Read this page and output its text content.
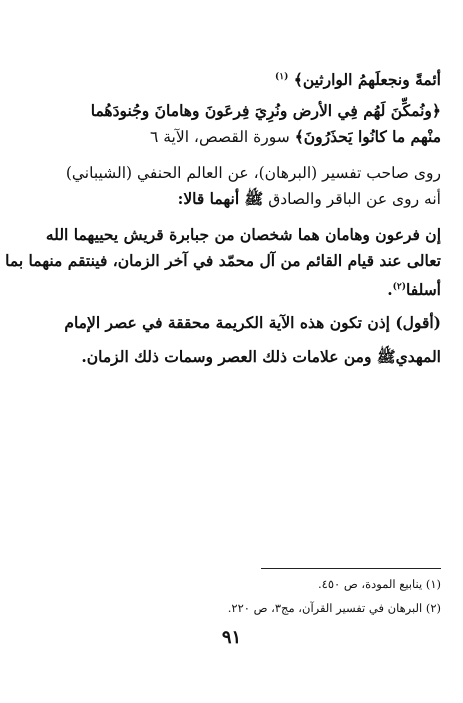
أئمةً ونجعلَهمُ الوارثين﴾ $^{(١)}$
﴿ونُمكِّنَ لَهُم فِي الأرض ونُرِيَ فِرعَونَ وهامانَ وجُنودَهُما
منْهم ما كانُوا يَحذَرُونَ﴾ سورة القصص، الآية ٦
روى صاحب تفسير (البرهان)، عن العالم الحنفي (الشيباني)
أنه روى عن الباقر والصادق ﷺ أنهما قالا:
إن فرعون وهامان هما شخصان من جبابرة قريش يحييهما الله
تعالى عند قيام القائم من آل محمّد في آخر الزمان، فينتقم منهما بما
أسلفا$^{(٢)}$.
(أقول) إذن تكون هذه الآية الكريمة محققة في عصر الإمام
المهديﷺ ومن علامات ذلك العصر وسمات ذلك الزمان.
(١) ينابيع المودة، ص ٤٥٠.
(٢) البرهان في تفسير القرآن، مج٣، ص ٢٢٠.
٩١
